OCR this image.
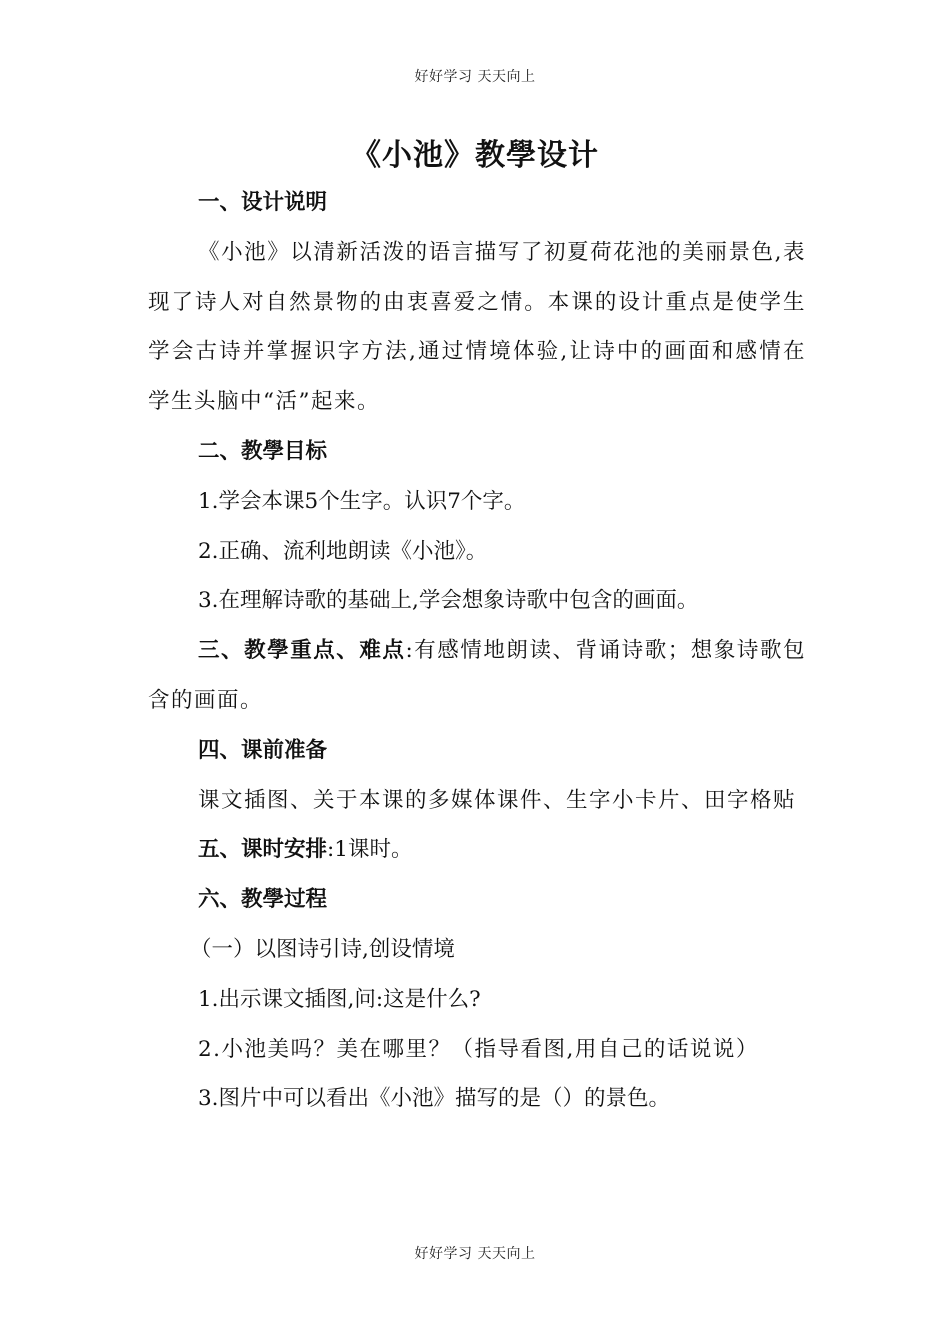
好好学习 天天向上
《小池》教學设计

一、设计说明

《小池》以清新活泼的语言描写了初夏荷花池的美丽景色,表现了诗人对自然景物的由衷喜爱之情。本课的设计重点是使学生学会古诗并掌握识字方法,通过情境体验,让诗中的画面和感情在学生头脑中“活”起来。

二、教學目标

1.学会本课5个生字。认识7个字。

2.正确、流利地朗读《小池》。

3.在理解诗歌的基础上,学会想象诗歌中包含的画面。

三、教學重点、难点:有感情地朗读、背诵诗歌；想象诗歌包含的画面。

四、课前准备

课文插图、关于本课的多媒体课件、生字小卡片、田字格贴

五、课时安排:1课时。

六、教學过程

（一）以图诗引诗,创设情境

1.出示课文插图,问:这是什么?

2.小池美吗？美在哪里？（指导看图,用自己的话说说）

3.图片中可以看出《小池》描写的是（）的景色。

好好学习 天天向上
